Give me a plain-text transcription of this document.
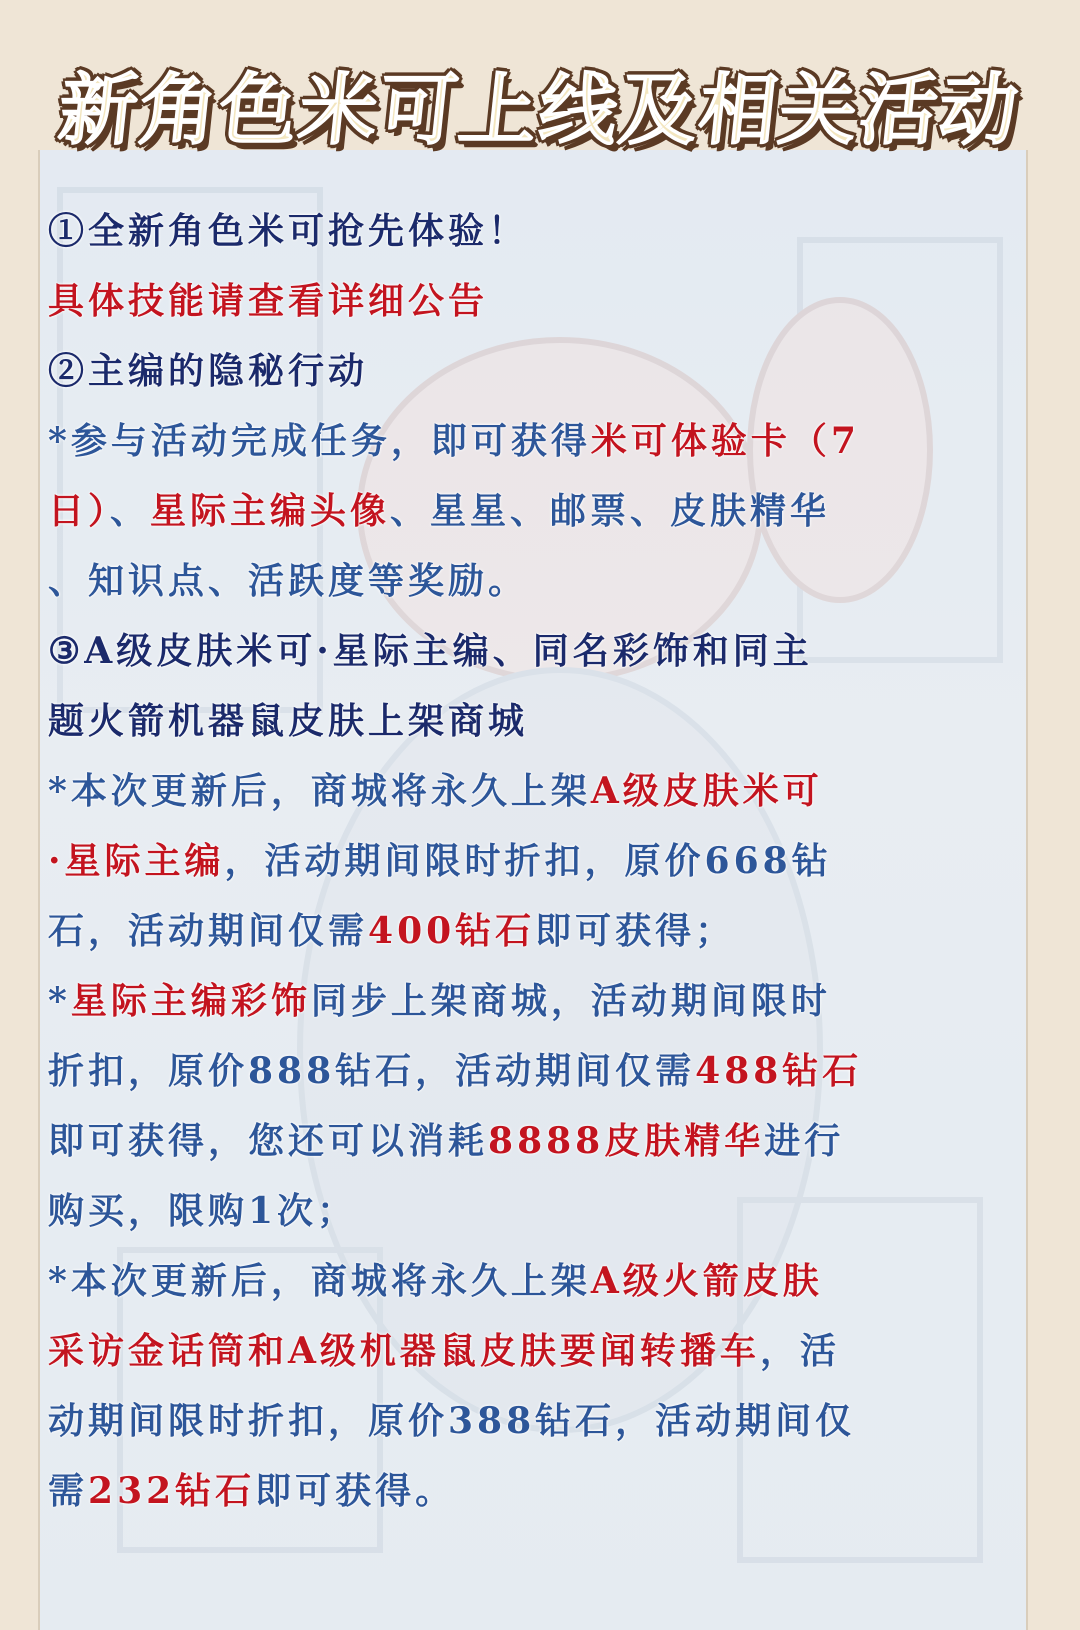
新角色米可上线及相关活动
①全新角色米可抢先体验！
具体技能请查看详细公告
②主编的隐秘行动
*参与活动完成任务，即可获得米可体验卡（7
日）、星际主编头像、星星、邮票、皮肤精华
、知识点、活跃度等奖励。
③A级皮肤米可·星际主编、同名彩饰和同主
题火箭机器鼠皮肤上架商城
*本次更新后，商城将永久上架A级皮肤米可
·星际主编，活动期间限时折扣，原价668钻
石，活动期间仅需400钻石即可获得；
*星际主编彩饰同步上架商城，活动期间限时
折扣，原价888钻石，活动期间仅需488钻石
即可获得，您还可以消耗8888皮肤精华进行
购买，限购1次；
*本次更新后，商城将永久上架A级火箭皮肤
采访金话筒和A级机器鼠皮肤要闻转播车，活
动期间限时折扣，原价388钻石，活动期间仅
需232钻石即可获得。
